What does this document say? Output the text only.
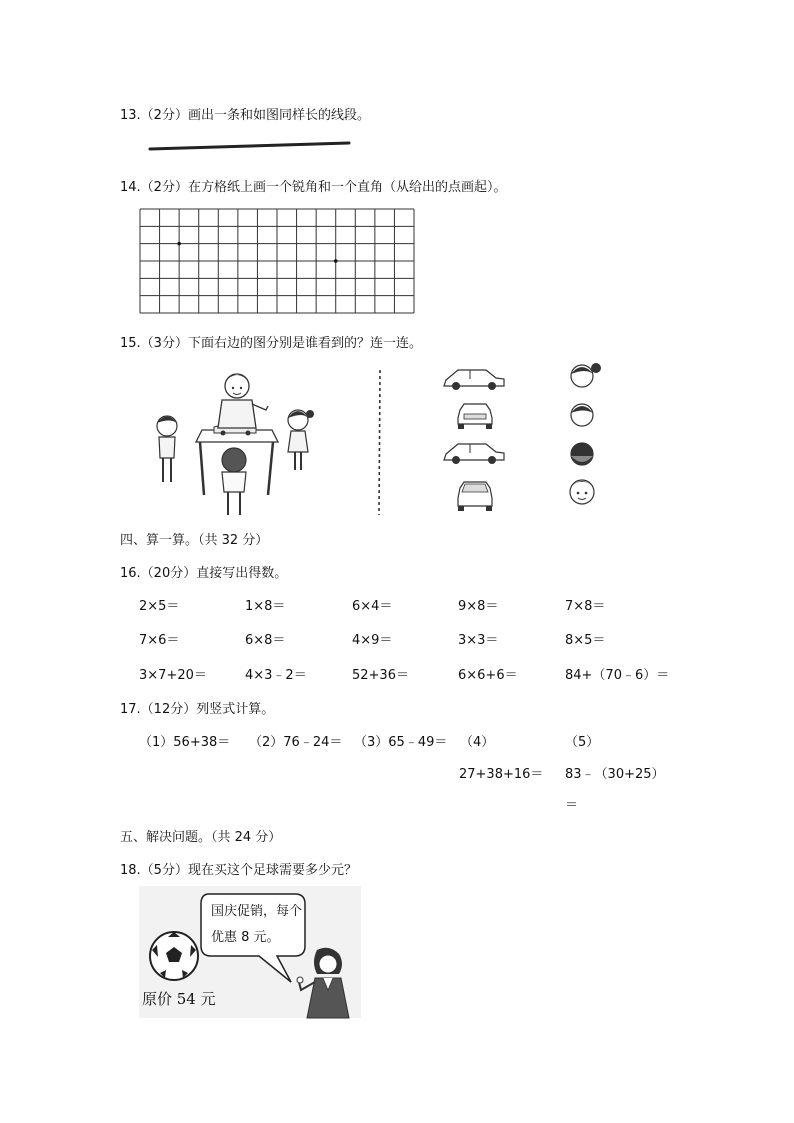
13.（2分）画出一条和如图同样长的线段。
14.（2分）在方格纸上画一个锐角和一个直角（从给出的点画起）。
15.（3分）下面右边的图分别是谁看到的？连一连。
四、算一算。（共 32 分）
16.（20分）直接写出得数。
2×5＝	1×8＝	6×4＝	9×8＝	7×8＝
7×6＝	6×8＝	4×9＝	3×3＝	8×5＝
3×7+20＝	4×3﹣2＝	52+36＝	6×6+6＝	84+（70﹣6）＝
17.（12分）列竖式计算。
（1）56+38＝ （2）76﹣24＝ （3）65﹣49＝ （4）
27+38+16＝
（5）
83﹣（30+25）
＝
五、解决问题。（共 24 分）
18.（5分）现在买这个足球需要多少元？
原价 54 元
国庆促销，每个
优惠 8 元。
